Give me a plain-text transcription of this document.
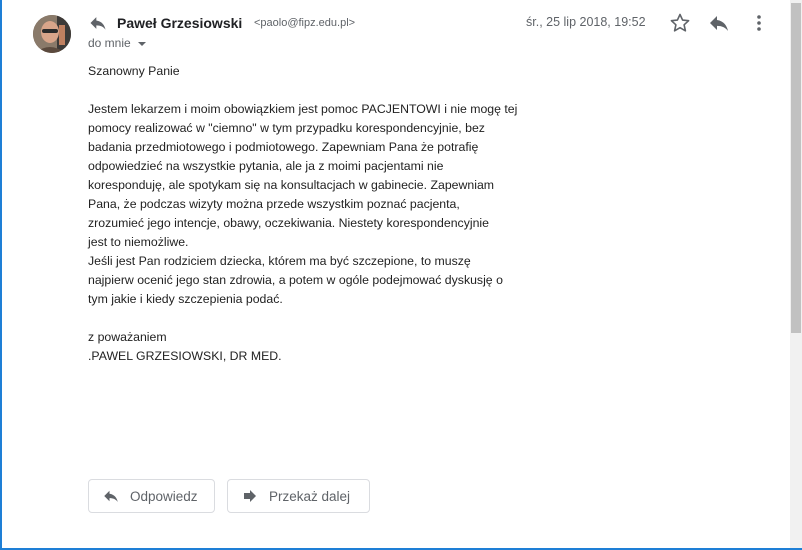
Paweł Grzesiowski <paolo@fipz.edu.pl>	śr., 25 lip 2018, 19:52
do mnie
Szanowny Panie
Jestem lekarzem i moim obowiązkiem jest pomoc PACJENTOWI i nie mogę tej
pomocy realizować w "ciemno" w tym przypadku korespondencyjnie, bez
badania przedmiotowego i podmiotowego. Zapewniam Pana że potrafię
odpowiedzieć na wszystkie pytania, ale ja z moimi pacjentami nie
koresponduję, ale spotykam się na konsultacjach w gabinecie. Zapewniam
Pana, że podczas wizyty można przede wszystkim poznać pacjenta,
zrozumieć jego intencje, obawy, oczekiwania. Niestety korespondencyjnie
jest to niemożliwe.
Jeśli jest Pan rodziciem dziecka, którem ma być szczepione, to muszę
najpierw ocenić jego stan zdrowia, a potem w ogóle podejmować dyskusję o
tym jakie i kiedy szczepienia podać.
z poważaniem
.PAWEL GRZESIOWSKI, DR MED.
Odpowiedz	Przekaż dalej
